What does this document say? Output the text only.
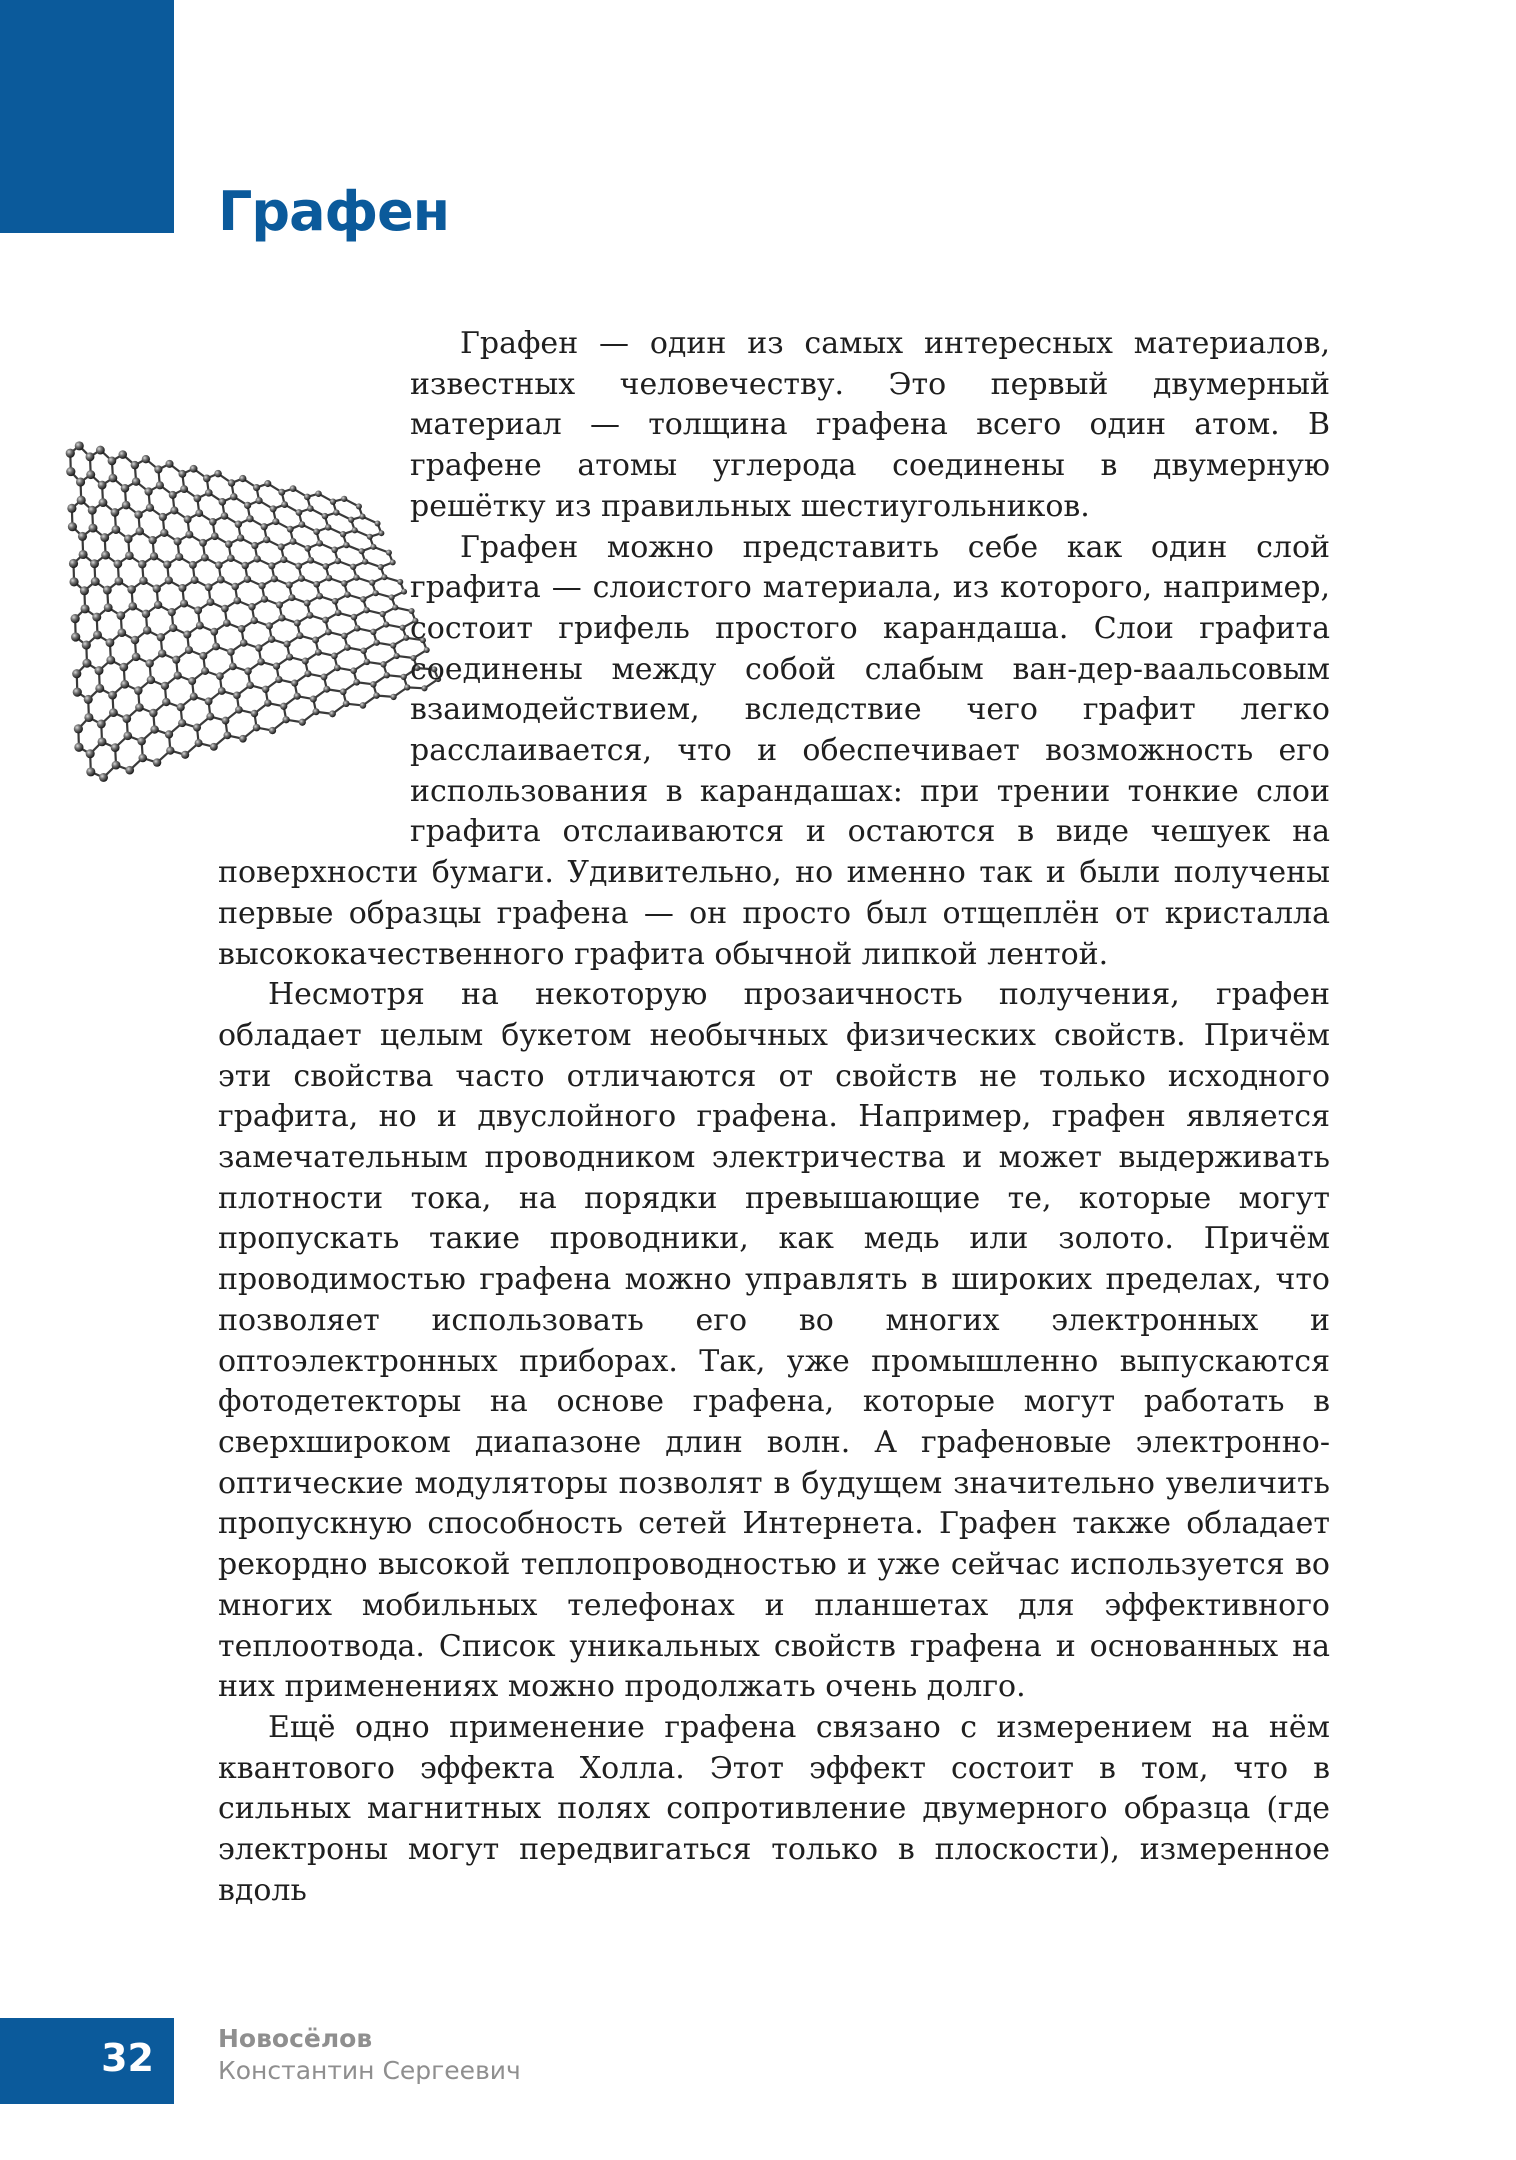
Графен

Графен — один из самых интересных материалов, известных человечеству. Это первый двумерный материал — толщина графена всего один атом. В графене атомы углерода соединены в двумерную решётку из правильных шестиугольников.

Графен можно представить себе как один слой графита — слоистого материала, из которого, например, состоит грифель простого карандаша. Слои графита соединены между собой слабым ван-дер-ваальсовым взаимодействием, вследствие чего графит легко расслаивается, что и обеспечивает возможность его использования в карандашах: при трении тонкие слои графита отслаиваются и остаются в виде чешуек на поверхности бумаги. Удивительно, но именно так и были получены первые образцы графена — он просто был отщеплён от кристалла высококачественного графита обычной липкой лентой.

Несмотря на некоторую прозаичность получения, графен обладает целым букетом необычных физических свойств. Причём эти свойства часто отличаются от свойств не только исходного графита, но и двуслойного графена. Например, графен является замечательным проводником электричества и может выдерживать плотности тока, на порядки превышающие те, которые могут пропускать такие проводники, как медь или золото. Причём проводимостью графена можно управлять в широких пределах, что позволяет использовать его во многих электронных и оптоэлектронных приборах. Так, уже промышленно выпускаются фотодетекторы на основе графена, которые могут работать в сверхшироком диапазоне длин волн. А графеновые электронно-оптические модуляторы позволят в будущем значительно увеличить пропускную способность сетей Интернета. Графен также обладает рекордно высокой теплопроводностью и уже сейчас используется во многих мобильных телефонах и планшетах для эффективного теплоотвода. Список уникальных свойств графена и основанных на них применениях можно продолжать очень долго.

Ещё одно применение графена связано с измерением на нём квантового эффекта Холла. Этот эффект состоит в том, что в сильных магнитных полях сопротивление двумерного образца (где электроны могут передвигаться только в плоскости), измеренное вдоль

32	Новосёлов
Константин Сергеевич
